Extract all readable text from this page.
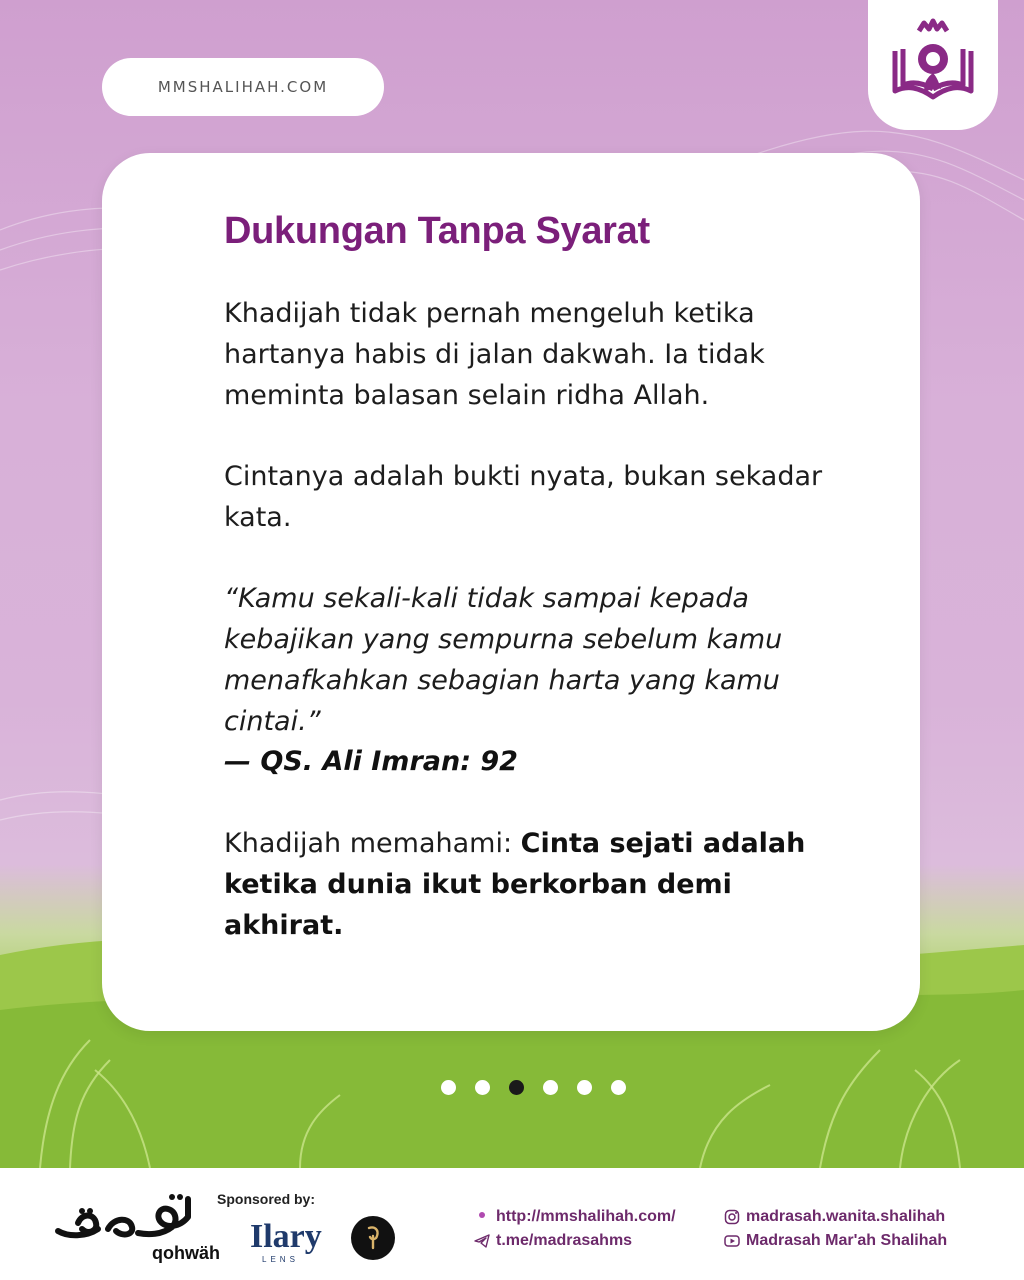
MMSHALIHAH.COM
Dukungan Tanpa Syarat
Khadijah tidak pernah mengeluh ketika hartanya habis di jalan dakwah. Ia tidak meminta balasan selain ridha Allah.
Cintanya adalah bukti nyata, bukan sekadar kata.
“Kamu sekali-kali tidak sampai kepada kebajikan yang sempurna sebelum kamu menafkahkan sebagian harta yang kamu cintai.”
— QS. Ali Imran: 92
Khadijah memahami: Cinta sejati adalah ketika dunia ikut berkorban demi akhirat.
qohwäh
Sponsored by:
Ilary
LENS
http://mmshalihah.com/
t.me/madrasahms
madrasah.wanita.shalihah
Madrasah Mar'ah Shalihah
